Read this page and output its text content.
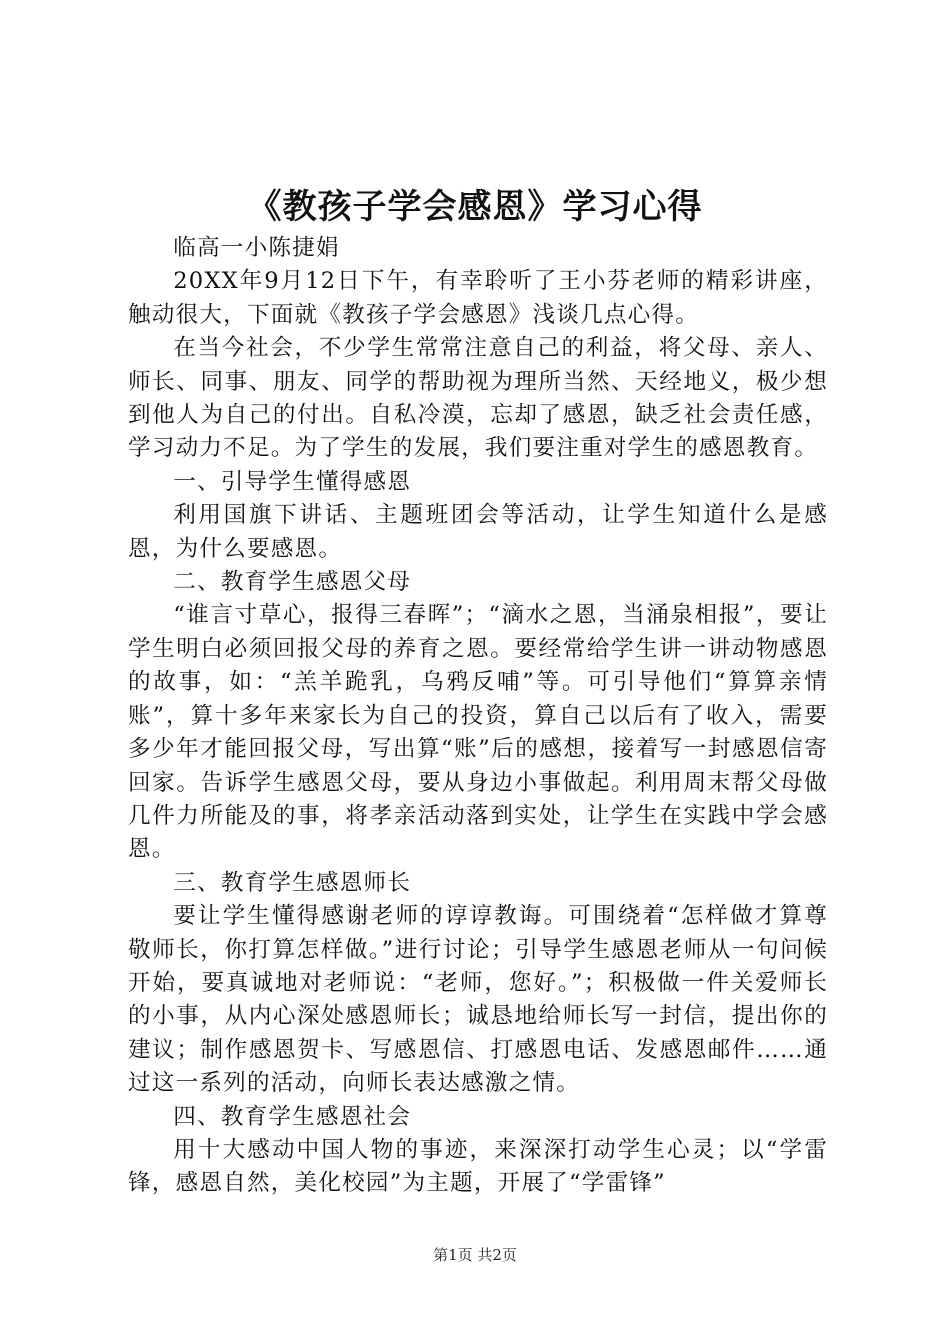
《教孩子学会感恩》学习心得

临高一小陈捷娟

20XX年9月12日下午，有幸聆听了王小芬老师的精彩讲座，触动很大，下面就《教孩子学会感恩》浅谈几点心得。

在当今社会，不少学生常常注意自己的利益，将父母、亲人、师长、同事、朋友、同学的帮助视为理所当然、天经地义，极少想到他人为自己的付出。自私冷漠，忘却了感恩，缺乏社会责任感，学习动力不足。为了学生的发展，我们要注重对学生的感恩教育。

一、引导学生懂得感恩

利用国旗下讲话、主题班团会等活动，让学生知道什么是感恩，为什么要感恩。

二、教育学生感恩父母

“谁言寸草心，报得三春晖”；“滴水之恩，当涌泉相报”，要让学生明白必须回报父母的养育之恩。要经常给学生讲一讲动物感恩的故事，如：“羔羊跪乳，乌鸦反哺”等。可引导他们“算算亲情账”，算十多年来家长为自己的投资，算自己以后有了收入，需要多少年才能回报父母，写出算“账”后的感想，接着写一封感恩信寄回家。告诉学生感恩父母，要从身边小事做起。利用周末帮父母做几件力所能及的事，将孝亲活动落到实处，让学生在实践中学会感恩。

三、教育学生感恩师长

要让学生懂得感谢老师的谆谆教诲。可围绕着“怎样做才算尊敬师长，你打算怎样做。”进行讨论；引导学生感恩老师从一句问候开始，要真诚地对老师说：“老师，您好。”；积极做一件关爱师长的小事，从内心深处感恩师长；诚恳地给师长写一封信，提出你的建议；制作感恩贺卡、写感恩信、打感恩电话、发感恩邮件……通过这一系列的活动，向师长表达感激之情。

四、教育学生感恩社会

用十大感动中国人物的事迹，来深深打动学生心灵；以“学雷锋，感恩自然，美化校园”为主题，开展了“学雷锋”

第1页 共2页
